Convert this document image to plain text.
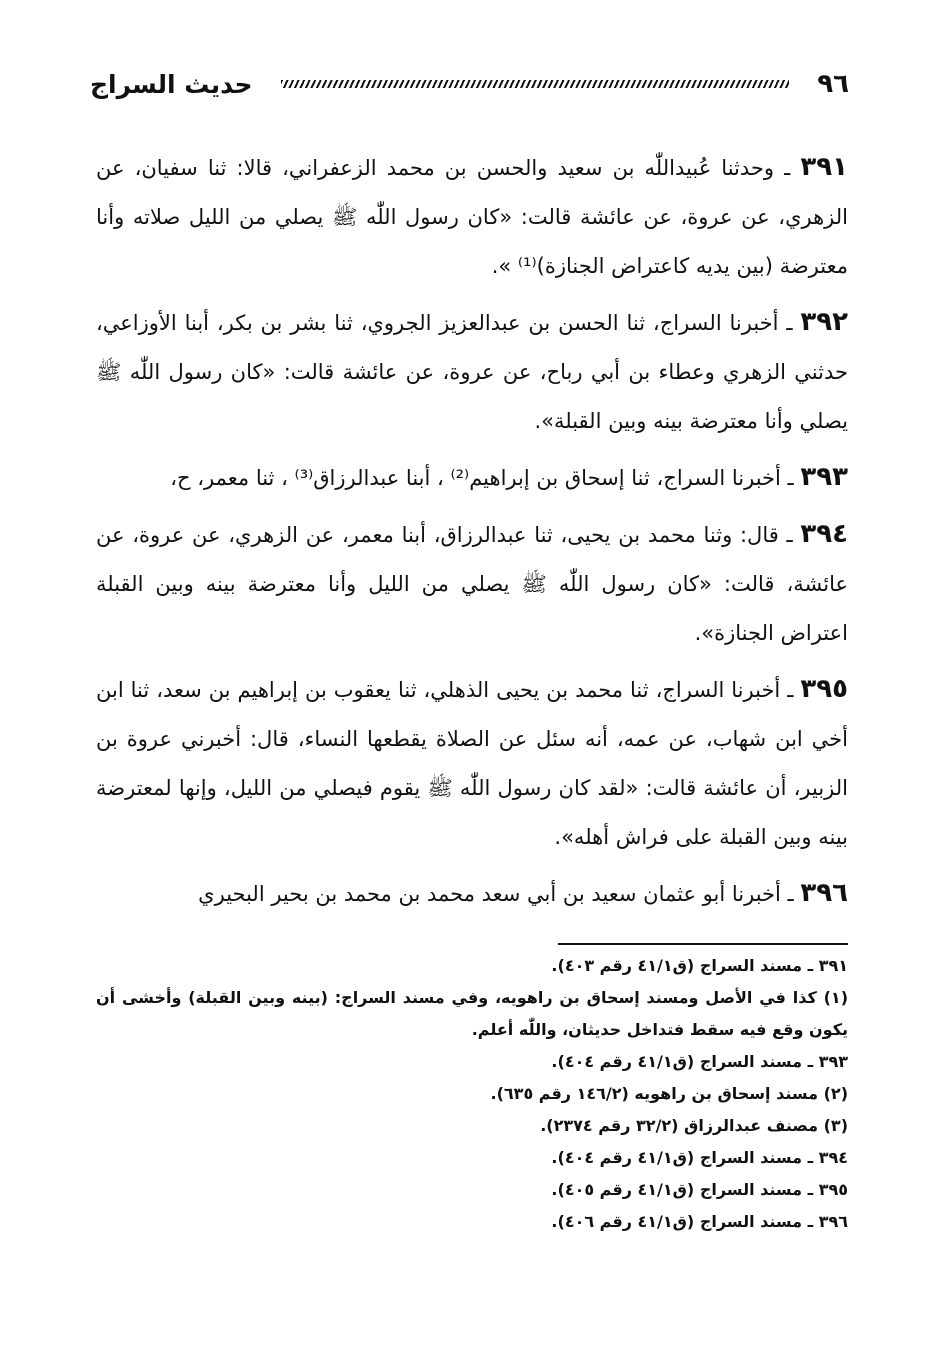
٩٦
حديث السراج

٣٩١ ـ وحدثنا عُبيداللّٰه بن سعيد والحسن بن محمد الزعفراني، قالا: ثنا سفيان، عن الزهري، عن عروة، عن عائشة قالت: «كان رسول اللّٰه ﷺ يصلي من الليل صلاته وأنا معترضة (بين يديه كاعتراض الجنازة)⁽¹⁾ ».

٣٩٢ ـ أخبرنا السراج، ثنا الحسن بن عبدالعزيز الجروي، ثنا بشر بن بكر، أبنا الأوزاعي، حدثني الزهري وعطاء بن أبي رباح، عن عروة، عن عائشة قالت: «كان رسول اللّٰه ﷺ يصلي وأنا معترضة بينه وبين القبلة».

٣٩٣ ـ أخبرنا السراج، ثنا إسحاق بن إبراهيم⁽²⁾ ، أبنا عبدالرزاق⁽³⁾ ، ثنا معمر، ح،

٣٩٤ ـ قال: وثنا محمد بن يحيى، ثنا عبدالرزاق، أبنا معمر، عن الزهري، عن عروة، عن عائشة، قالت: «كان رسول اللّٰه ﷺ يصلي من الليل وأنا معترضة بينه وبين القبلة اعتراض الجنازة».

٣٩٥ ـ أخبرنا السراج، ثنا محمد بن يحيى الذهلي، ثنا يعقوب بن إبراهيم بن سعد، ثنا ابن أخي ابن شهاب، عن عمه، أنه سئل عن الصلاة يقطعها النساء، قال: أخبرني عروة بن الزبير، أن عائشة قالت: «لقد كان رسول اللّٰه ﷺ يقوم فيصلي من الليل، وإنها لمعترضة بينه وبين القبلة على فراش أهله».

٣٩٦ ـ أخبرنا أبو عثمان سعيد بن أبي سعد محمد بن محمد بن بحير البحيري

٣٩١ ـ مسند السراج (ق٤١/١ رقم ٤٠٣).
(١) كذا في الأصل ومسند إسحاق بن راهويه، وفي مسند السراج: (بينه وبين القبلة) وأخشى أن يكون وقع فيه سقط فتداخل حديثان، واللّٰه أعلم.
٣٩٣ ـ مسند السراج (ق٤١/١ رقم ٤٠٤).
(٢) مسند إسحاق بن راهويه (١٤٦/٢ رقم ٦٣٥).
(٣) مصنف عبدالرزاق (٣٢/٢ رقم ٢٣٧٤).
٣٩٤ ـ مسند السراج (ق٤١/١ رقم ٤٠٤).
٣٩٥ ـ مسند السراج (ق٤١/١ رقم ٤٠٥).
٣٩٦ ـ مسند السراج (ق٤١/١ رقم ٤٠٦).
